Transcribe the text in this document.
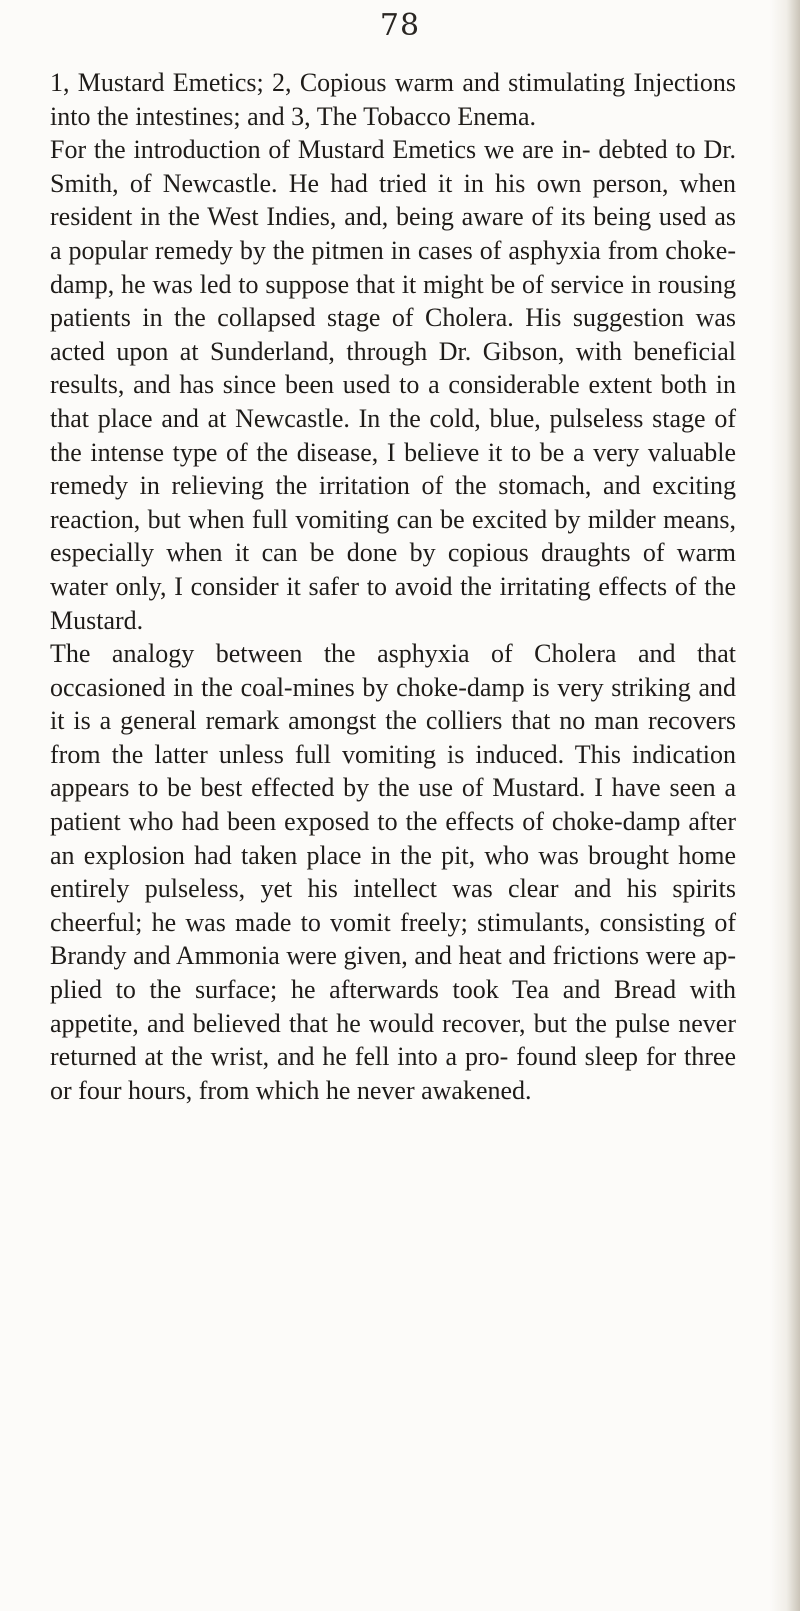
78

1, Mustard Emetics; 2, Copious warm and stimulating Injections into the intestines; and 3, The Tobacco Enema.

For the introduction of Mustard Emetics we are in- debted to Dr. Smith, of Newcastle. He had tried it in his own person, when resident in the West Indies, and, being aware of its being used as a popular remedy by the pitmen in cases of asphyxia from choke-damp, he was led to suppose that it might be of service in rousing patients in the collapsed stage of Cholera. His suggestion was acted upon at Sunderland, through Dr. Gibson, with beneficial results, and has since been used to a considerable extent both in that place and at Newcastle. In the cold, blue, pulseless stage of the intense type of the disease, I believe it to be a very valuable remedy in relieving the irritation of the stomach, and exciting reaction, but when full vomiting can be excited by milder means, especially when it can be done by copious draughts of warm water only, I consider it safer to avoid the irritating effects of the Mustard.

The analogy between the asphyxia of Cholera and that occasioned in the coal-mines by choke-damp is very striking and it is a general remark amongst the colliers that no man recovers from the latter unless full vomiting is induced. This indication appears to be best effected by the use of Mustard. I have seen a patient who had been exposed to the effects of choke-damp after an explosion had taken place in the pit, who was brought home entirely pulseless, yet his intellect was clear and his spirits cheerful; he was made to vomit freely; stimulants, consisting of Brandy and Ammonia were given, and heat and frictions were ap- plied to the surface; he afterwards took Tea and Bread with appetite, and believed that he would recover, but the pulse never returned at the wrist, and he fell into a pro- found sleep for three or four hours, from which he never awakened.
